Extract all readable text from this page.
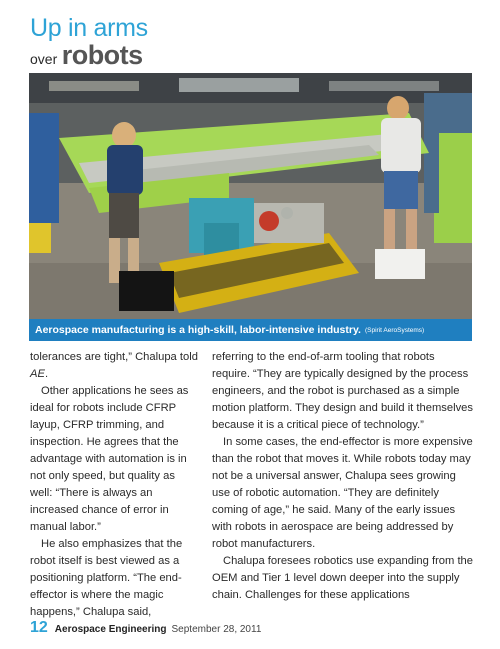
Up in arms
over robots
Aerospace manufacturing is a high-skill, labor-intensive industry. (Spirit AeroSystems)

tolerances are tight,” Chalupa told AE.

Other applications he sees as ideal for robots include CFRP layup, CFRP trimming, and inspection. He agrees that the advantage with automation is in not only speed, but quality as well: “There is always an increased chance of error in manual labor.”

He also emphasizes that the robot itself is best viewed as a positioning platform. “The end-effector is where the magic happens,” Chalupa said,

referring to the end-of-arm tooling that robots require. “They are typically designed by the process engineers, and the robot is purchased as a simple motion platform. They design and build it themselves because it is a critical piece of technology.”

In some cases, the end-effector is more expensive than the robot that moves it. While robots today may not be a universal answer, Chalupa sees growing use of robotic automation. “They are definitely coming of age,” he said. Many of the early issues with robots in aerospace are being addressed by robot manufacturers.

Chalupa foresees robotics use expanding from the OEM and Tier 1 level down deeper into the supply chain. Challenges for these applications

12 Aerospace Engineering September 28, 2011
